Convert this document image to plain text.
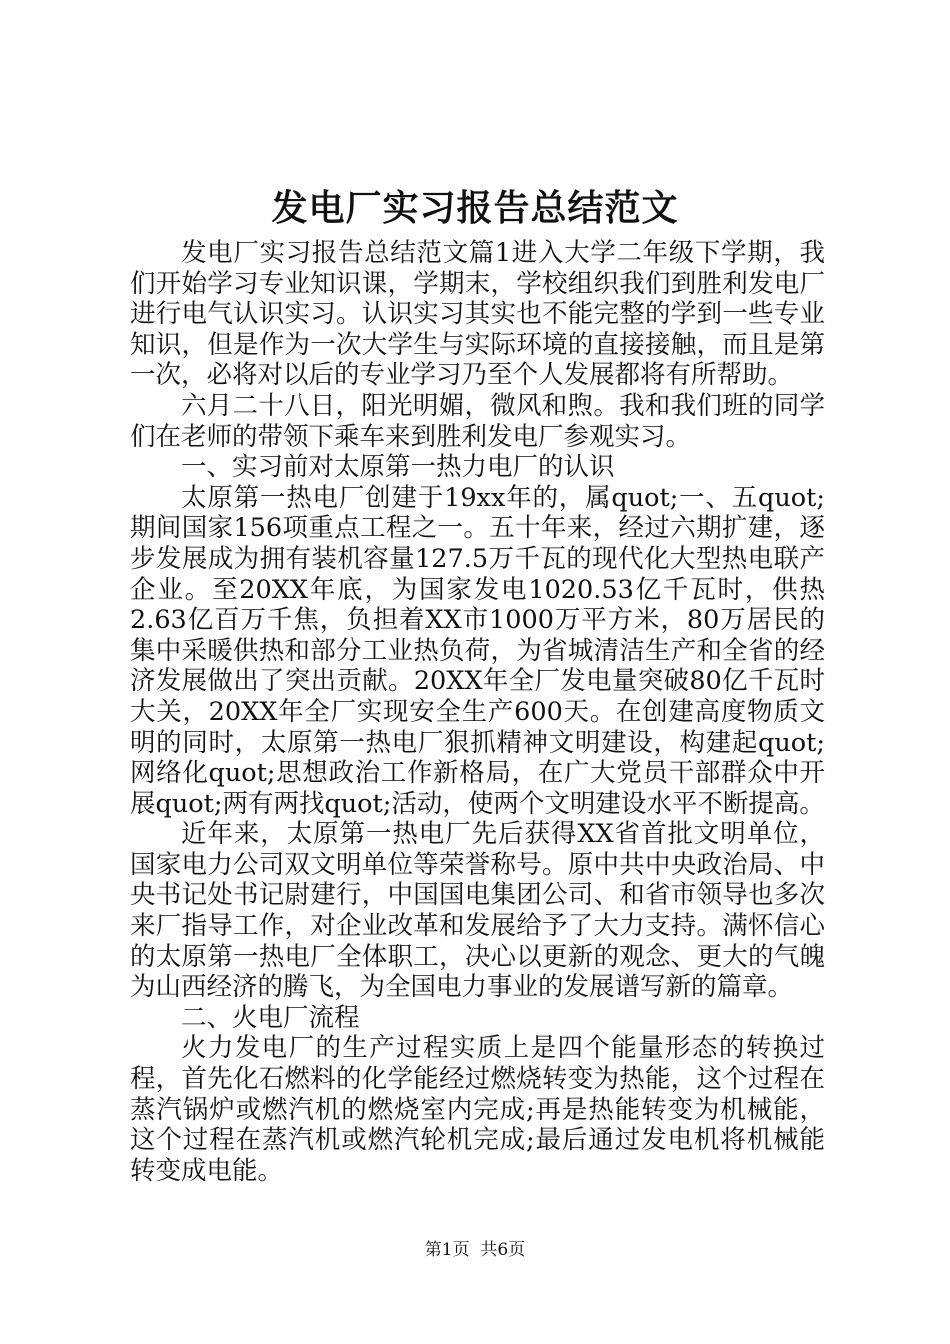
发电厂实习报告总结范文

发电厂实习报告总结范文篇1进入大学二年级下学期，我们开始学习专业知识课，学期末，学校组织我们到胜利发电厂进行电气认识实习。认识实习其实也不能完整的学到一些专业知识，但是作为一次大学生与实际环境的直接接触，而且是第一次，必将对以后的专业学习乃至个人发展都将有所帮助。

六月二十八日，阳光明媚，微风和煦。我和我们班的同学们在老师的带领下乘车来到胜利发电厂参观实习。

一、实习前对太原第一热力电厂的认识

太原第一热电厂创建于19xx年的，属quot;一、五quot;期间国家156项重点工程之一。五十年来，经过六期扩建，逐步发展成为拥有装机容量127.5万千瓦的现代化大型热电联产企业。至20XX年底，为国家发电1020.53亿千瓦时，供热2.63亿百万千焦，负担着XX市1000万平方米，80万居民的集中采暖供热和部分工业热负荷，为省城清洁生产和全省的经济发展做出了突出贡献。20XX年全厂发电量突破80亿千瓦时大关，20XX年全厂实现安全生产600天。在创建高度物质文明的同时，太原第一热电厂狠抓精神文明建设，构建起quot;网络化quot;思想政治工作新格局，在广大党员干部群众中开展quot;两有两找quot;活动，使两个文明建设水平不断提高。

近年来，太原第一热电厂先后获得XX省首批文明单位，国家电力公司双文明单位等荣誉称号。原中共中央政治局、中央书记处书记尉建行，中国国电集团公司、和省市领导也多次来厂指导工作，对企业改革和发展给予了大力支持。满怀信心的太原第一热电厂全体职工，决心以更新的观念、更大的气魄为山西经济的腾飞，为全国电力事业的发展谱写新的篇章。

二、火电厂流程

火力发电厂的生产过程实质上是四个能量形态的转换过程，首先化石燃料的化学能经过燃烧转变为热能，这个过程在蒸汽锅炉或燃汽机的燃烧室内完成;再是热能转变为机械能，这个过程在蒸汽机或燃汽轮机完成;最后通过发电机将机械能转变成电能。

第1页 共6页
